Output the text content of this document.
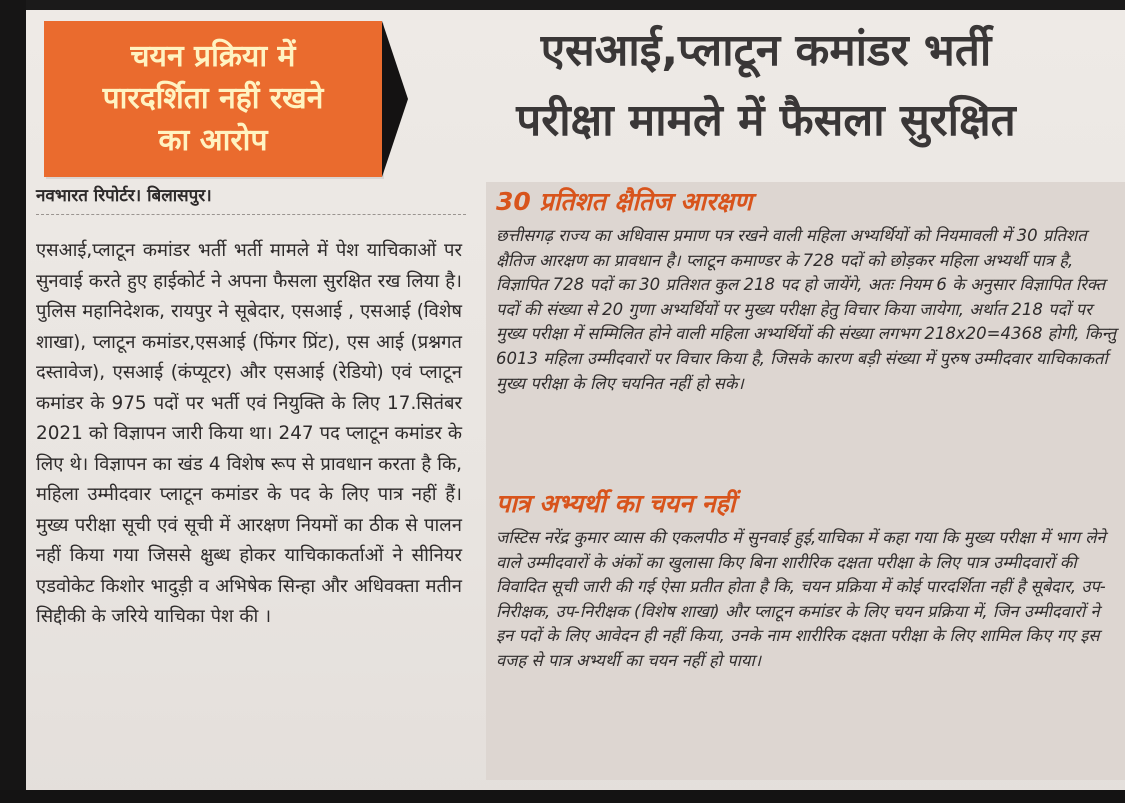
चयन प्रक्रिया में
पारदर्शिता नहीं रखने
का आरोप
एसआई,प्लाटून कमांडर भर्ती
परीक्षा मामले में फैसला सुरक्षित
नवभारत रिपोर्टर। बिलासपुर।
एसआई,प्लाटून कमांडर भर्ती भर्ती मामले में पेश याचिकाओं पर सुनवाई करते हुए हाईकोर्ट ने अपना फैसला सुरक्षित रख लिया है। पुलिस महानिदेशक, रायपुर ने सूबेदार, एसआई , एसआई (विशेष शाखा), प्लाटून कमांडर,एसआई (फिंगर प्रिंट), एस आई (प्रश्नगत दस्तावेज), एसआई (कंप्यूटर) और एसआई (रेडियो) एवं प्लाटून कमांडर के 975 पदों पर भर्ती एवं नियुक्ति के लिए 17.सितंबर 2021 को विज्ञापन जारी किया था। 247 पद प्लाटून कमांडर के लिए थे। विज्ञापन का खंड 4 विशेष रूप से प्रावधान करता है कि, महिला उम्मीदवार प्लाटून कमांडर के पद के लिए पात्र नहीं हैं। मुख्य परीक्षा सूची एवं सूची में आरक्षण नियमों का ठीक से पालन नहीं किया गया जिससे क्षुब्ध होकर याचिकाकर्ताओं ने सीनियर एडवोकेट किशोर भादुड़ी व अभिषेक सिन्हा और अधिवक्ता मतीन सिद्दीकी के जरिये याचिका पेश की ।
30 प्रतिशत क्षैतिज आरक्षण
छत्तीसगढ़ राज्य का अधिवास प्रमाण पत्र रखने वाली महिला अभ्यर्थियों को नियमावली में 30 प्रतिशत क्षैतिज आरक्षण का प्रावधान है। प्लाटून कमाण्डर के 728 पदों को छोड़कर महिला अभ्यर्थी पात्र है, विज्ञापित 728 पदों का 30 प्रतिशत कुल 218 पद हो जायेंगे, अतः नियम 6 के अनुसार विज्ञापित रिक्त पदों की संख्या से 20 गुणा अभ्यर्थियों पर मुख्य परीक्षा हेतु विचार किया जायेगा, अर्थात 218 पदों पर मुख्य परीक्षा में सम्मिलित होने वाली महिला अभ्यर्थियों की संख्या लगभग 218x20=4368 होगी, किन्तु 6013 महिला उम्मीदवारों पर विचार किया है, जिसके कारण बड़ी संख्या में पुरुष उम्मीदवार याचिकाकर्ता मुख्य परीक्षा के लिए चयनित नहीं हो सके।
पात्र अभ्यर्थी का चयन नहीं
जस्टिस नरेंद्र कुमार व्यास की एकलपीठ में सुनवाई हुई,याचिका में कहा गया कि मुख्य परीक्षा में भाग लेने वाले उम्मीदवारों के अंकों का खुलासा किए बिना शारीरिक दक्षता परीक्षा के लिए पात्र उम्मीदवारों की विवादित सूची जारी की गई ऐसा प्रतीत होता है कि, चयन प्रक्रिया में कोई पारदर्शिता नहीं है सूबेदार, उप-निरीक्षक, उप-निरीक्षक (विशेष शाखा) और प्लाटून कमांडर के लिए चयन प्रक्रिया में, जिन उम्मीदवारों ने इन पदों के लिए आवेदन ही नहीं किया, उनके नाम शारीरिक दक्षता परीक्षा के लिए शामिल किए गए इस वजह से पात्र अभ्यर्थी का चयन नहीं हो पाया।
